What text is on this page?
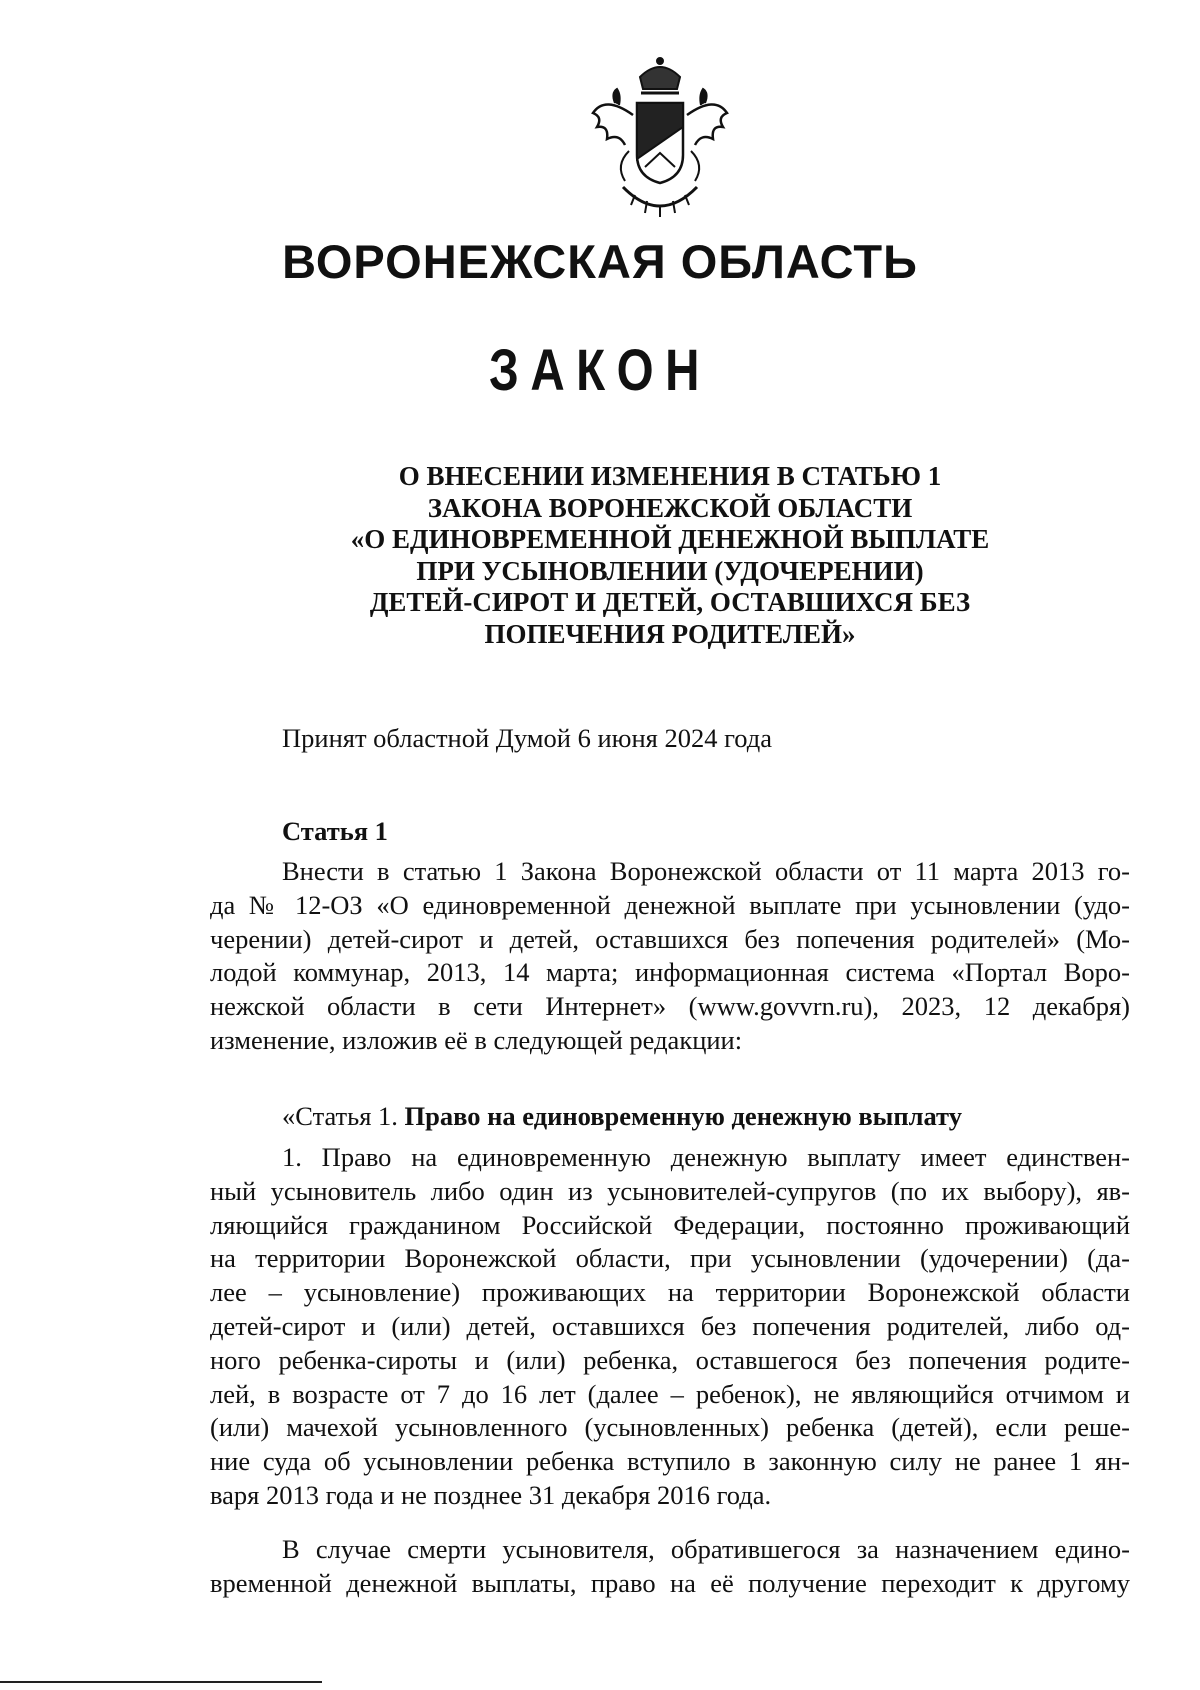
ВОРОНЕЖСКАЯ ОБЛАСТЬ
ЗАКОН
О ВНЕСЕНИИ ИЗМЕНЕНИЯ В СТАТЬЮ 1
ЗАКОНА ВОРОНЕЖСКОЙ ОБЛАСТИ
«О ЕДИНОВРЕМЕННОЙ ДЕНЕЖНОЙ ВЫПЛАТЕ
ПРИ УСЫНОВЛЕНИИ (УДОЧЕРЕНИИ)
ДЕТЕЙ-СИРОТ И ДЕТЕЙ, ОСТАВШИХСЯ БЕЗ
ПОПЕЧЕНИЯ РОДИТЕЛЕЙ»
Принят областной Думой 6 июня 2024 года
Статья 1
Внести в статью 1 Закона Воронежской области от 11 марта 2013 го-
да № 12-ОЗ «О единовременной денежной выплате при усыновлении (удо-
черении) детей-сирот и детей, оставшихся без попечения родителей» (Мо-
лодой коммунар, 2013, 14 марта; информационная система «Портал Воро-
нежской области в сети Интернет» (www.govvrn.ru), 2023, 12 декабря)
изменение, изложив её в следующей редакции:
«Статья 1. Право на единовременную денежную выплату
1. Право на единовременную денежную выплату имеет единствен-
ный усыновитель либо один из усыновителей-супругов (по их выбору), яв-
ляющийся гражданином Российской Федерации, постоянно проживающий
на территории Воронежской области, при усыновлении (удочерении) (да-
лее – усыновление) проживающих на территории Воронежской области
детей-сирот и (или) детей, оставшихся без попечения родителей, либо од-
ного ребенка-сироты и (или) ребенка, оставшегося без попечения родите-
лей, в возрасте от 7 до 16 лет (далее – ребенок), не являющийся отчимом и
(или) мачехой усыновленного (усыновленных) ребенка (детей), если реше-
ние суда об усыновлении ребенка вступило в законную силу не ранее 1 ян-
варя 2013 года и не позднее 31 декабря 2016 года.
В случае смерти усыновителя, обратившегося за назначением едино-
временной денежной выплаты, право на её получение переходит к другому
